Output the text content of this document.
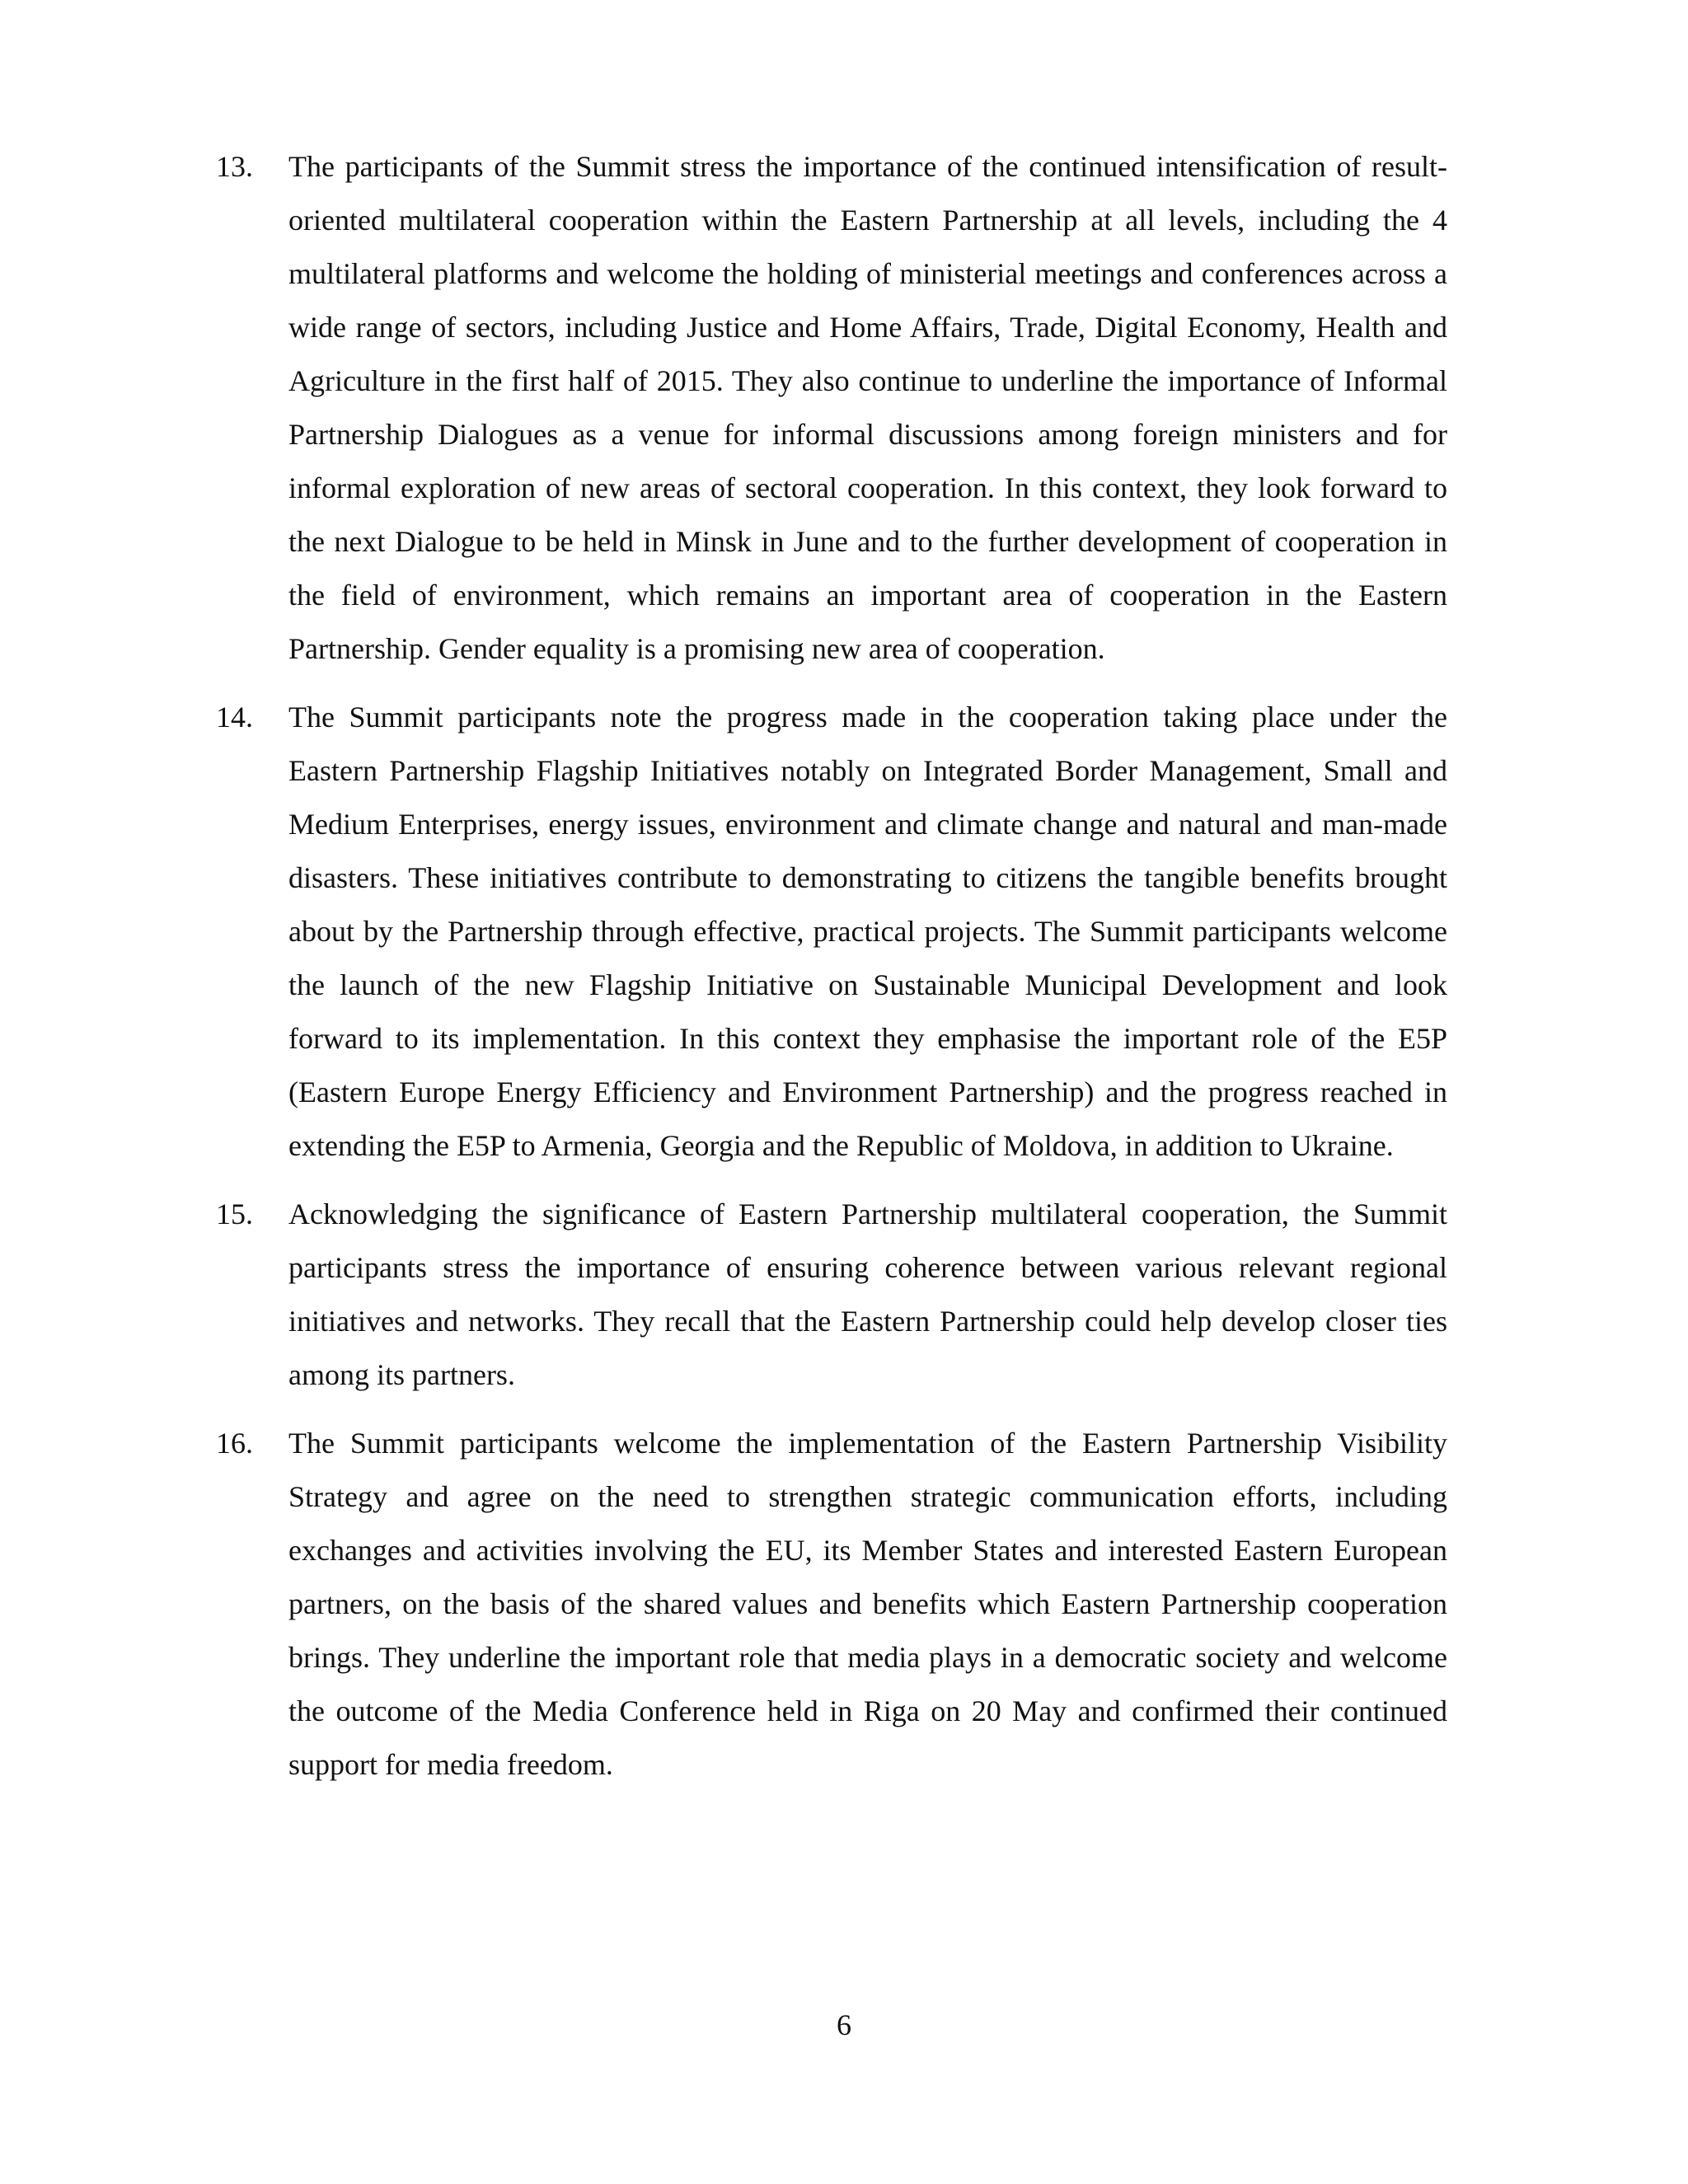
13.	The participants of the Summit stress the importance of the continued intensification of result-oriented multilateral cooperation within the Eastern Partnership at all levels, including the 4 multilateral platforms and welcome the holding of ministerial meetings and conferences across a wide range of sectors, including Justice and Home Affairs, Trade, Digital Economy, Health and Agriculture in the first half of 2015. They also continue to underline the importance of Informal Partnership Dialogues as a venue for informal discussions among foreign ministers and for informal exploration of new areas of sectoral cooperation. In this context, they look forward to the next Dialogue to be held in Minsk in June and to the further development of cooperation in the field of environment, which remains an important area of cooperation in the Eastern Partnership. Gender equality is a promising new area of cooperation.

14.	The Summit participants note the progress made in the cooperation taking place under the Eastern Partnership Flagship Initiatives notably on Integrated Border Management, Small and Medium Enterprises, energy issues, environment and climate change and natural and man-made disasters. These initiatives contribute to demonstrating to citizens the tangible benefits brought about by the Partnership through effective, practical projects. The Summit participants welcome the launch of the new Flagship Initiative on Sustainable Municipal Development and look forward to its implementation. In this context they emphasise the important role of the E5P (Eastern Europe Energy Efficiency and Environment Partnership) and the progress reached in extending the E5P to Armenia, Georgia and the Republic of Moldova, in addition to Ukraine.

15.	Acknowledging the significance of Eastern Partnership multilateral cooperation, the Summit participants stress the importance of ensuring coherence between various relevant regional initiatives and networks. They recall that the Eastern Partnership could help develop closer ties among its partners.

16.	The Summit participants welcome the implementation of the Eastern Partnership Visibility Strategy and agree on the need to strengthen strategic communication efforts, including exchanges and activities involving the EU, its Member States and interested Eastern European partners, on the basis of the shared values and benefits which Eastern Partnership cooperation brings. They underline the important role that media plays in a democratic society and welcome the outcome of the Media Conference held in Riga on 20 May and confirmed their continued support for media freedom.

6
